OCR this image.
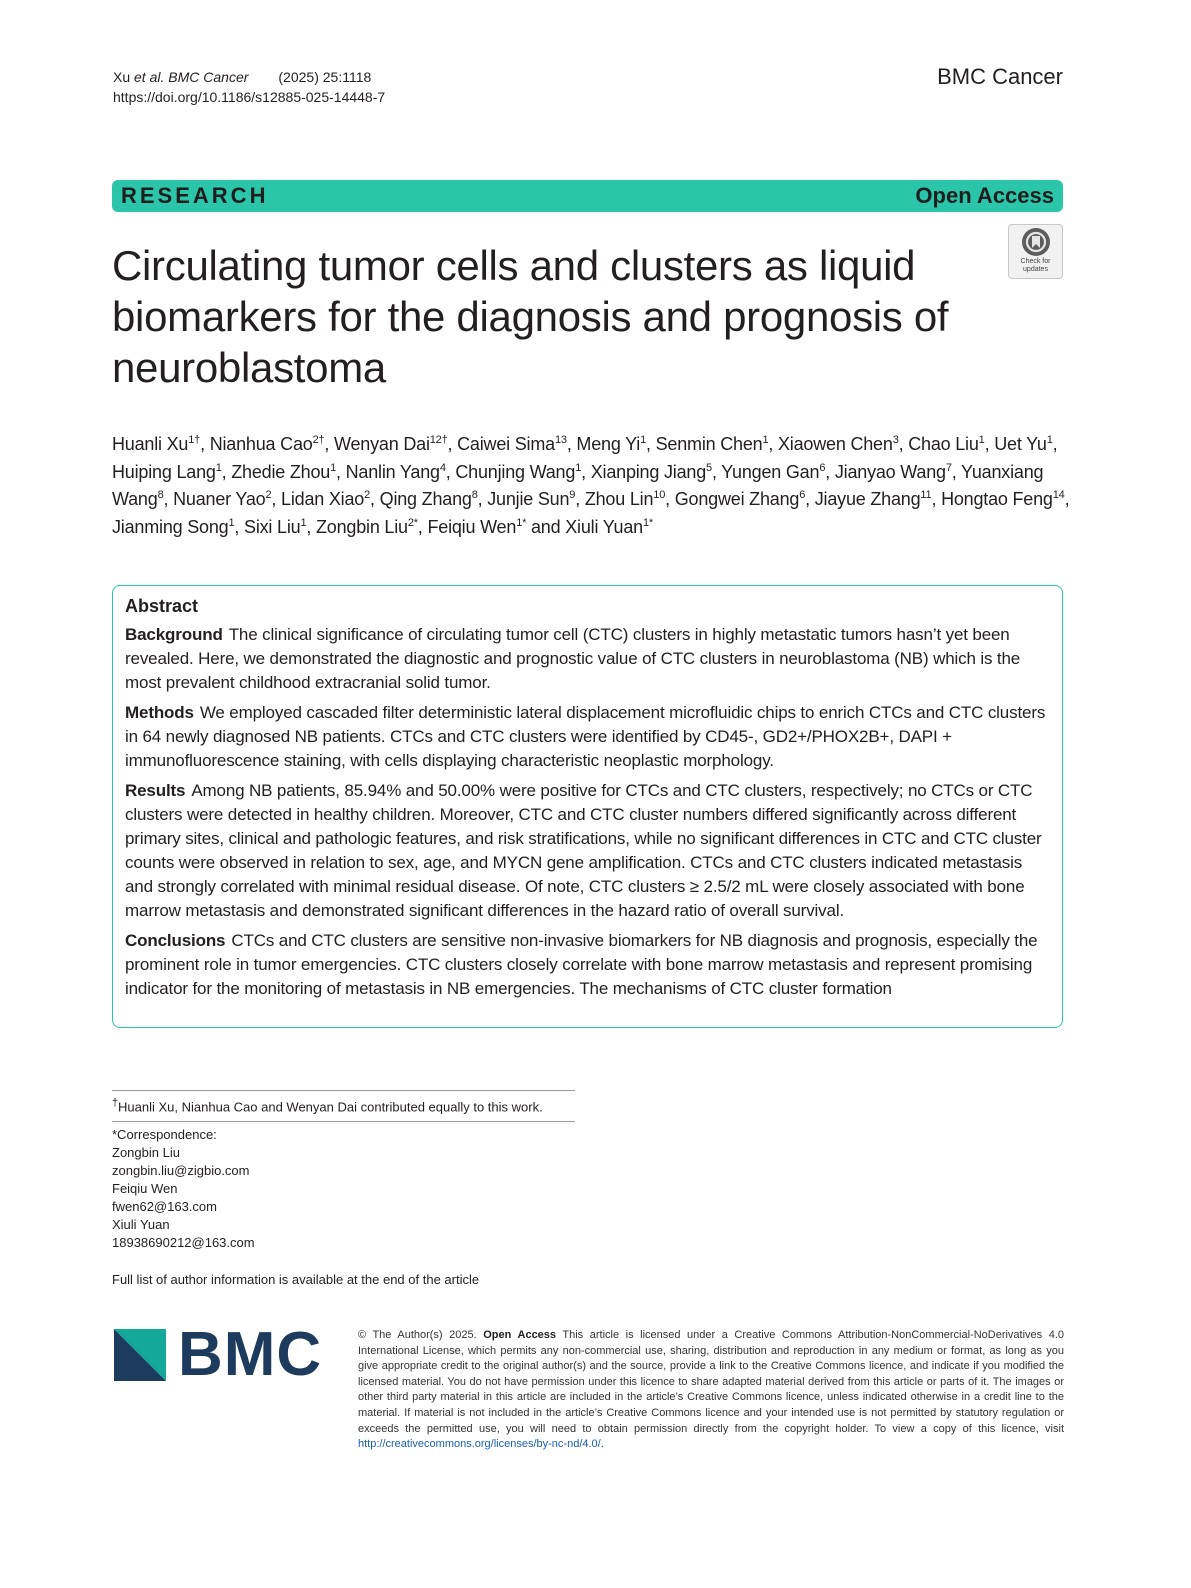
Xu et al. BMC Cancer (2025) 25:1118
https://doi.org/10.1186/s12885-025-14448-7
BMC Cancer
RESEARCH	Open Access
Circulating tumor cells and clusters as liquid biomarkers for the diagnosis and prognosis of neuroblastoma
Check for
updates
Huanli $Xu^{1\dagger}$, Nianhua Cao$^{2\dagger}$, Wenyan Dai$^{12\dagger}$, Caiwei Sima$^{13}$, Meng Yi$^1$, Senmin Chen$^1$, Xiaowen Chen$^3$, Chao Liu$^1$, Uet Yu$^1$, Huiping Lang$^1$, Zhedie Zhou$^1$, Nanlin Yang$^4$, Chunjing Wang$^1$, Xianping Jiang$^5$, Yungen Gan$^6$, Jianyao Wang$^7$, Yuanxiang Wang$^8$, Nuaner Yao$^2$, Lidan Xiao$^2$, Qing Zhang$^8$, Junjie Sun$^9$, Zhou Lin$^{10}$, Gongwei Zhang$^6$, Jiayue Zhang$^{11}$, Hongtao Feng$^{14}$, Jianming Song$^1$, Sixi Liu$^1$, Zongbin Liu$^{2*}$, Feiqiu Wen$^{1*}$ and Xiuli Yuan$^{1*}$
Abstract

Background The clinical significance of circulating tumor cell (CTC) clusters in highly metastatic tumors hasn’t yet been revealed. Here, we demonstrated the diagnostic and prognostic value of CTC clusters in neuroblastoma (NB) which is the most prevalent childhood extracranial solid tumor.

Methods We employed cascaded filter deterministic lateral displacement microfluidic chips to enrich CTCs and CTC clusters in 64 newly diagnosed NB patients. CTCs and CTC clusters were identified by CD45-, GD2+/PHOX2B+, DAPI + immunofluorescence staining, with cells displaying characteristic neoplastic morphology.

Results Among NB patients, 85.94% and 50.00% were positive for CTCs and CTC clusters, respectively; no CTCs or CTC clusters were detected in healthy children. Moreover, CTC and CTC cluster numbers differed significantly across different primary sites, clinical and pathologic features, and risk stratifications, while no significant differences in CTC and CTC cluster counts were observed in relation to sex, age, and MYCN gene amplification. CTCs and CTC clusters indicated metastasis and strongly correlated with minimal residual disease. Of note, CTC clusters ≥ 2.5/2 mL were closely associated with bone marrow metastasis and demonstrated significant differences in the hazard ratio of overall survival.

Conclusions CTCs and CTC clusters are sensitive non-invasive biomarkers for NB diagnosis and prognosis, especially the prominent role in tumor emergencies. CTC clusters closely correlate with bone marrow metastasis and represent promising indicator for the monitoring of metastasis in NB emergencies. The mechanisms of CTC cluster formation

†Huanli Xu, Nianhua Cao and Wenyan Dai contributed equally to this work.
*Correspondence:
Zongbin Liu
zongbin.liu@zigbio.com
Feiqiu Wen
fwen62@163.com
Xiuli Yuan
18938690212@163.com
Full list of author information is available at the end of the article
BMC	© The Author(s) 2025. Open Access This article is licensed under a Creative Commons Attribution-NonCommercial-NoDerivatives 4.0 International License, which permits any non-commercial use, sharing, distribution and reproduction in any medium or format, as long as you give appropriate credit to the original author(s) and the source, provide a link to the Creative Commons licence, and indicate if you modified the licensed material. You do not have permission under this licence to share adapted material derived from this article or parts of it. The images or other third party material in this article are included in the article’s Creative Commons licence, unless indicated otherwise in a credit line to the material. If material is not included in the article’s Creative Commons licence and your intended use is not permitted by statutory regulation or exceeds the permitted use, you will need to obtain permission directly from the copyright holder. To view a copy of this licence, visit http://creativecommons.org/licenses/by-nc-nd/4.0/.
